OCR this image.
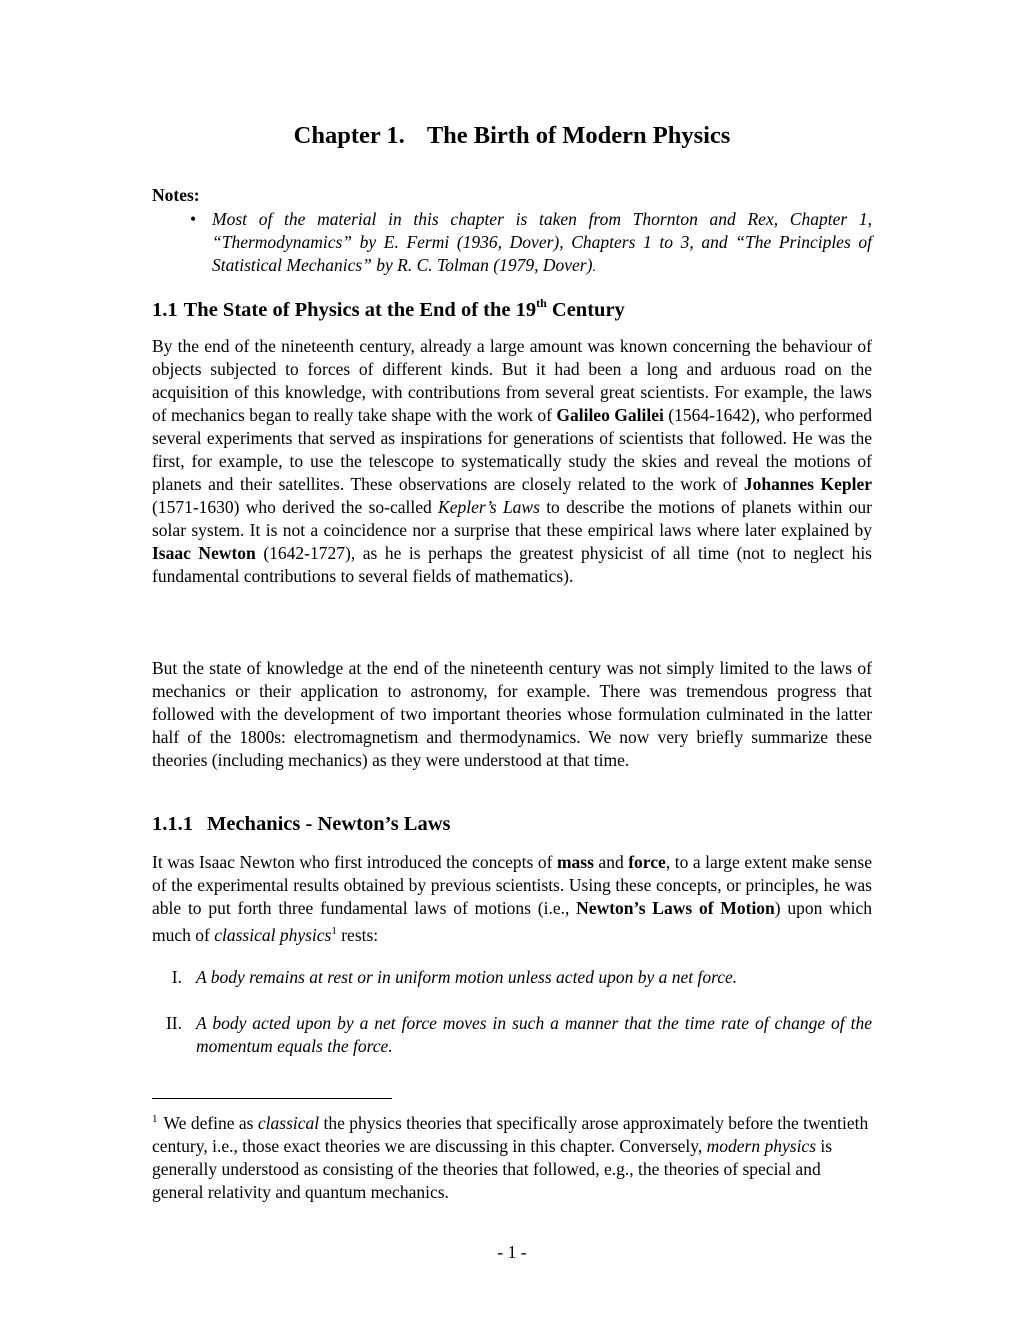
Chapter 1. The Birth of Modern Physics

Notes:

• Most of the material in this chapter is taken from Thornton and Rex, Chapter 1, “Thermodynamics” by E. Fermi (1936, Dover), Chapters 1 to 3, and “The Principles of Statistical Mechanics” by R. C. Tolman (1979, Dover).
1.1 The State of Physics at the End of the 19th Century

By the end of the nineteenth century, already a large amount was known concerning the behaviour of objects subjected to forces of different kinds. But it had been a long and arduous road on the acquisition of this knowledge, with contributions from several great scientists. For example, the laws of mechanics began to really take shape with the work of Galileo Galilei (1564-1642), who performed several experiments that served as inspirations for generations of scientists that followed. He was the first, for example, to use the telescope to systematically study the skies and reveal the motions of planets and their satellites. These observations are closely related to the work of Johannes Kepler (1571-1630) who derived the so-called Kepler’s Laws to describe the motions of planets within our solar system. It is not a coincidence nor a surprise that these empirical laws where later explained by Isaac Newton (1642-1727), as he is perhaps the greatest physicist of all time (not to neglect his fundamental contributions to several fields of mathematics).

But the state of knowledge at the end of the nineteenth century was not simply limited to the laws of mechanics or their application to astronomy, for example. There was tremendous progress that followed with the development of two important theories whose formulation culminated in the latter half of the 1800s: electromagnetism and thermodynamics. We now very briefly summarize these theories (including mechanics) as they were understood at that time.

1.1.1 Mechanics - Newton’s Laws

It was Isaac Newton who first introduced the concepts of mass and force, to a large extent make sense of the experimental results obtained by previous scientists. Using these concepts, or principles, he was able to put forth three fundamental laws of motions (i.e., Newton’s Laws of Motion) upon which much of classical physics$^1$ rests:

I. A body remains at rest or in uniform motion unless acted upon by a net force.

II. A body acted upon by a net force moves in such a manner that the time rate of change of the momentum equals the force.

$^1$ We define as classical the physics theories that specifically arose approximately before the twentieth century, i.e., those exact theories we are discussing in this chapter. Conversely, modern physics is generally understood as consisting of the theories that followed, e.g., the theories of special and general relativity and quantum mechanics.

- 1 -
